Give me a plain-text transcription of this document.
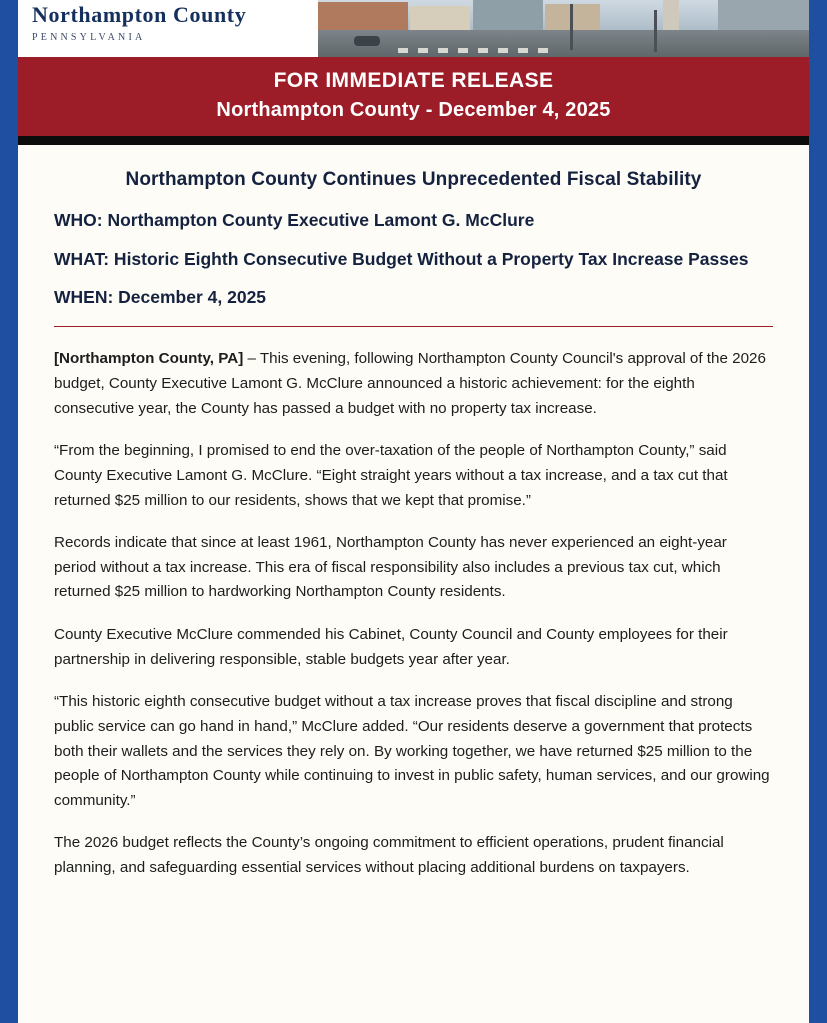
Northampton County
PENNSYLVANIA
FOR IMMEDIATE RELEASE
Northampton County - December 4, 2025
Northampton County Continues Unprecedented Fiscal Stability
WHO: Northampton County Executive Lamont G. McClure
WHAT: Historic Eighth Consecutive Budget Without a Property Tax Increase Passes
WHEN: December 4, 2025

[Northampton County, PA] – This evening, following Northampton County Council's approval of the 2026 budget, County Executive Lamont G. McClure announced a historic achievement: for the eighth consecutive year, the County has passed a budget with no property tax increase.

“From the beginning, I promised to end the over-taxation of the people of Northampton County,” said County Executive Lamont G. McClure. “Eight straight years without a tax increase, and a tax cut that returned $25 million to our residents, shows that we kept that promise.”

Records indicate that since at least 1961, Northampton County has never experienced an eight-year period without a tax increase. This era of fiscal responsibility also includes a previous tax cut, which returned $25 million to hardworking Northampton County residents.

County Executive McClure commended his Cabinet, County Council and County employees for their partnership in delivering responsible, stable budgets year after year.

“This historic eighth consecutive budget without a tax increase proves that fiscal discipline and strong public service can go hand in hand,” McClure added. “Our residents deserve a government that protects both their wallets and the services they rely on. By working together, we have returned $25 million to the people of Northampton County while continuing to invest in public safety, human services, and our growing community.”

The 2026 budget reflects the County’s ongoing commitment to efficient operations, prudent financial planning, and safeguarding essential services without placing additional burdens on taxpayers.
